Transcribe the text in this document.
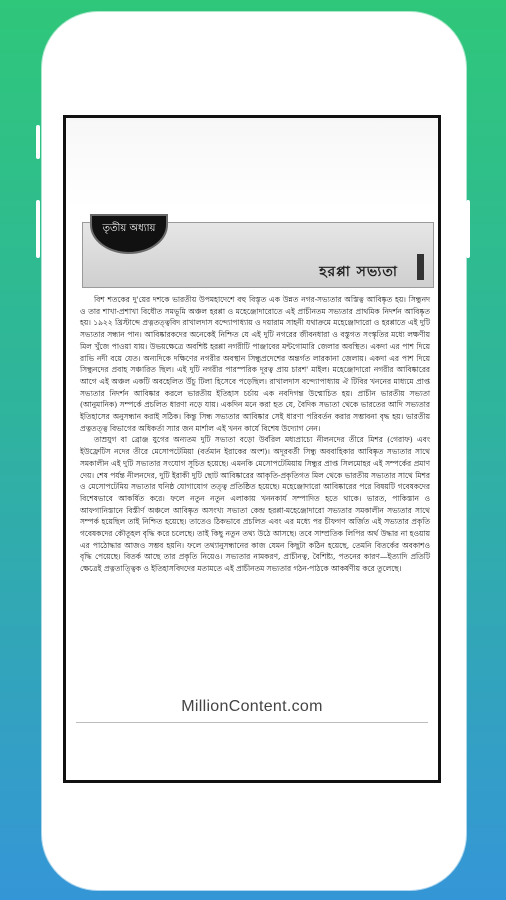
তৃতীয় অধ্যায়
হরপ্পা সভ্যতা

বিশ শতকের দু'য়ের দশকে ভারতীয় উপমহাদেশে বহু বিস্তৃত এক উন্নত নগর-সভ্যতার অস্তিত্ব আবিষ্কৃত হয়। সিন্ধুনদ ও তার শাখা-প্রশাখা বিধৌত সমভূমি অঞ্চল হরপ্পা ও মহেঞ্জোদারোতে এই প্রাচীনতম সভ্যতার প্রাথমিক নিদর্শন আবিষ্কৃত হয়। ১৯২২ খ্রিস্টাব্দে প্রত্নতত্ত্ববিদ রাখালদাস বন্দ্যোপাধ্যায় ও দয়ারাম সাহনী যথাক্রমে মহেঞ্জোদারো ও হরপ্পাতে এই দুটি সভ্যতার সন্ধান পান। আবিষ্কারকদের অনেকেই নিশ্চিত যে এই দুটি নগরের জীবনধারা ও বস্তুগত সংস্কৃতির মধ্যে লক্ষণীয় মিল খুঁজে পাওয়া যায়। উভয়ক্ষেত্রে অবশিষ্ট হরপ্পা নগরীটি পাঞ্জাবের মন্টগোমারি জেলার অবস্থিত। একদা এর পাশ দিয়ে রাভি নদী বয়ে যেত। অন্যদিকে দক্ষিণের নগরীর অবস্থান সিন্ধুপ্রদেশের অন্তর্গত লারকানা জেলায়। একদা এর পাশ দিয়ে সিন্ধুনদের প্রবাহ সঞ্চারিত ছিল। এই দুটি নগরীর পারস্পরিক দূরত্ব প্রায় চারশ' মাইল। মহেঞ্জোদারো নগরীর আবিষ্কারের আগে এই অঞ্চল একটি অবহেলিত উঁচু টিলা হিসেবে পড়েছিল। রাখালদাস বন্দ্যোপাধ্যায় ঐ টিবির খননের মাধ্যমে প্রাপ্ত সভ্যতার নিদর্শন আবিষ্কার করলে ভারতীয় ইতিহাস চর্চায় এক নবদিগন্ত উন্মোচিত হয়। প্রাচীন ভারতীয় সভ্যতা (আনুমানিক) সম্পর্কে প্রচলিত ধারণা নড়ে যায়। একদিন মনে করা হত যে, বৈদিক সভ্যতা থেকে ভারতের আদি সভ্যতার ইতিহাসের অনুসন্ধান করাই সঠিক। কিন্তু সিন্ধ সভ্যতার আবিষ্কার সেই ধারণা পরিবর্তন করার সম্ভাবনা বৃদ্ধ হয়। ভারতীয় প্রত্নতত্ত্ব বিভাগের অধিকর্তা স্যার জন মার্শাল এই খনন কার্যে বিশেষ উদ্যোগ নেন।

তাম্রযুগ বা ব্রোঞ্জ যুগের অন্যতম দুটি সভ্যতা বড়ো উর্বরিল মধ্যপ্রাচ্যে নীলনদের তীরে মিশর (গেরাফ) এবং ইউফ্রেটিস নদের তীরে মেসোপটেমিয়া (বর্তমান ইরাকের অংশ)। অদূরবর্তী সিন্ধু অববাহিকার আবিষ্কৃত সভ্যতার সাথে সমকালীন এই দুটি সভ্যতার সংযোগ সূচিত হয়েছে। এমনকি মেসোপটেমিয়ায় সিন্ধুর প্রাপ্ত সিলমোহর এই সম্পর্কের প্রমাণ দেয়। শেষ পর্যন্ত নীলনদের, দুটি ইরাকী দুটি ছোট আবিষ্কারের আকৃতি-প্রকৃতিগত মিল থেকে ভারতীয় সভ্যতার সাথে মিশর ও মেসোপটেমিয় সভ্যতার ঘনিষ্ঠ যোগাযোগ তত্ত্ব প্রতিষ্ঠিত হয়েছে। মহেঞ্জোদারো আবিষ্কারের পরে বিষয়টি গবেষকদের বিশেষভাবে আকর্ষিত করে। ফলে নতুন নতুন এলাকায় খননকার্য সম্পাদিত হতে থাকে। ভারত, পাকিস্তান ও আফগানিস্তানে বিস্তীর্ণ অঞ্চলে আবিষ্কৃত অসংখ্য সভ্যতা কেন্দ্র হরপ্পা-মহেঞ্জোদারো সভ্যতার সমকালীন সভ্যতার সাথে সম্পর্ক হয়েছিল তাই নিশ্চিত হয়েছে। তাতেও ঠিকভাবে প্রচলিত এবং এর মধ্যে পর চীফগণ অর্জিত এই সভ্যতার প্রকৃতি গবেষকদের কৌতূহল বৃদ্ধি করে চলেছে। তাই কিছু নতুন তথ্য উঠে আসছে। তবে সাম্প্রতিক লিপির অর্থ উদ্ধার না হওয়ায় এর পাঠোদ্ধার আজও সম্ভব হয়নি। ফলে তথ্যানুসন্ধানের কাজ যেমন কিছুটা কঠিন হয়েছে, তেমনি বিতর্কের অবকাশও বৃদ্ধি পেয়েছে। বিতর্ক আছে তার প্রকৃতি নিয়েও। সভ্যতার নামকরণ, প্রাচীনত্ব, বৈশিষ্ট্য, পতনের কারণ—ইত্যাদি প্রতিটি ক্ষেত্রেই প্রত্নতাত্ত্বিক ও ইতিহাসবিদদের মতামতে এই প্রাচীনতম সভ্যতার গঠন-পাঠকে আকর্ষণীয় করে তুলেছে।

MillionContent.com
